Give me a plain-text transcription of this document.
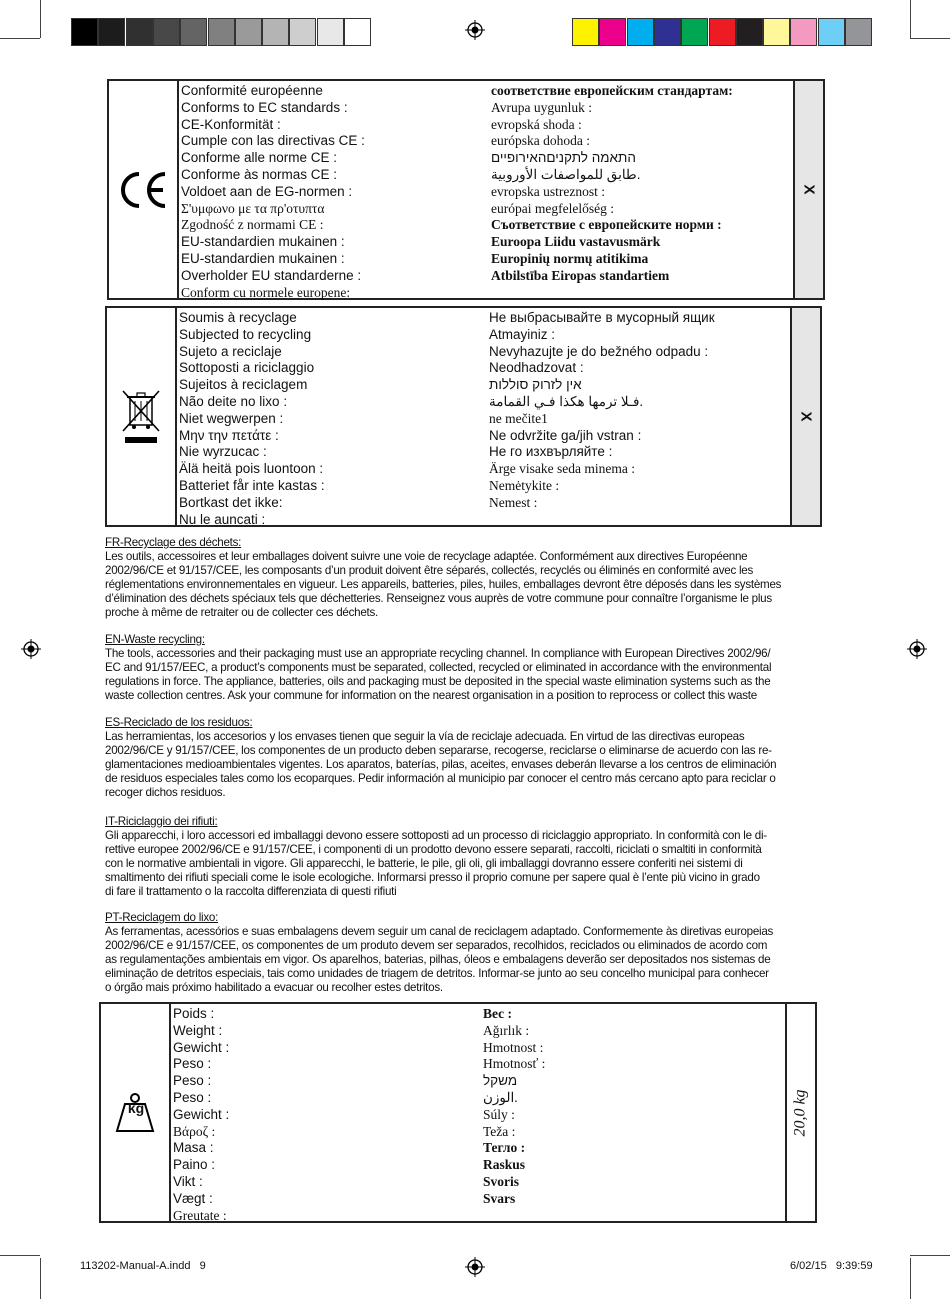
Conformité européenne
Conforms to EC standards :
CE-Konformität :
Cumple con las directivas CE :
Conforme alle norme CE :
Conforme às normas CE :
Voldoet aan de EG-normen :
Σ'υμφωνο με τα πρ'οτυπτα
Zgodność z normami CE :
EU-standardien mukainen :
EU-standardien mukainen :
Overholder EU standarderne :
Conform cu normele europene:
соответствие европейским стандартам:
Avrupa uygunluk :
evropská shoda :
európska dohoda :
התאמה לתקניםהאירופיים
طابق للمواصفات الأوروبية.
evropska ustreznost :
európai megfelelőség :
Съответствие с европейските норми :
Euroopa Liidu vastavusmärk
Europinių normų atitikima
Atbilstība Eiropas standartiem
X
Soumis à recyclage
Subjected to recycling
Sujeto a reciclaje
Sottoposti a riciclaggio
Sujeitos à reciclagem
Não deite no lixo :
Niet wegwerpen :
Μην την πετάτε :
Nie wyrzucac :
Älä heitä pois luontoon :
Batteriet får inte kastas :
Bortkast det ikke:
Nu le auncati :
Не выбрасывайте в мусорный ящик
Atmayiniz :
Nevyhazujte je do bežného odpadu :
Neodhadzovat :
אין לזרוק סוללות
فـلا ترمها هكذا فـي القمامة.
ne mečite1
Ne odvržite ga/jih vstran :
Не го изхвърляйте :
Ärge visake seda minema :
Nemėtykite :
Nemest :
X

FR-Recyclage des déchets:

Les outils, accessoires et leur emballages doivent suivre une voie de recyclage adaptée. Conformément aux directives Européenne

2002/96/CE et 91/157/CEE, les composants d’un produit doivent être séparés, collectés, recyclés ou éliminés en conformité avec les

réglementations environnementales en vigueur. Les appareils, batteries, piles, huiles, emballages devront être déposés dans les systèmes

d’élimination des déchets spéciaux tels que déchetteries. Renseignez vous auprès de votre commune pour connaître l’organisme le plus

proche à même de retraiter ou de collecter ces déchets.

EN-Waste recycling:

The tools, accessories and their packaging must use an appropriate recycling channel. In compliance with European Directives 2002/96/

EC and 91/157/EEC, a product’s components must be separated, collected, recycled or eliminated in accordance with the environmental

regulations in force. The appliance, batteries, oils and packaging must be deposited in the special waste elimination systems such as the

waste collection centres. Ask your commune for information on the nearest organisation in a position to reprocess or collect this waste

ES-Reciclado de los residuos:

Las herramientas, los accesorios y los envases tienen que seguir la vía de reciclaje adecuada. En virtud de las directivas europeas

2002/96/CE y 91/157/CEE, los componentes de un producto deben separarse, recogerse, reciclarse o eliminarse de acuerdo con las re-

glamentaciones medioambientales vigentes. Los aparatos, baterías, pilas, aceites, envases deberán llevarse a los centros de eliminación

de residuos especiales tales como los ecoparques. Pedir información al municipio par conocer el centro más cercano apto para reciclar o

recoger dichos residuos.

IT-Riciclaggio dei rifiuti:

Gli apparecchi, i loro accessori ed imballaggi devono essere sottoposti ad un processo di riciclaggio appropriato. In conformità con le di-

rettive europee 2002/96/CE e 91/157/CEE, i componenti di un prodotto devono essere separati, raccolti, riciclati o smaltiti in conformità

con le normative ambientali in vigore. Gli apparecchi, le batterie, le pile, gli oli, gli imballaggi dovranno essere conferiti nei sistemi di

smaltimento dei rifiuti speciali come le isole ecologiche. Informarsi presso il proprio comune per sapere qual è l’ente più vicino in grado

di fare il trattamento o la raccolta differenziata di questi rifiuti

PT-Reciclagem do lixo:

As ferramentas, acessórios e suas embalagens devem seguir um canal de reciclagem adaptado. Conformemente às diretivas europeias

2002/96/CE e 91/157/CEE, os componentes de um produto devem ser separados, recolhidos, reciclados ou eliminados de acordo com

as regulamentações ambientais em vigor. Os aparelhos, baterias, pilhas, óleos e embalagens deverão ser depositados nos sistemas de

eliminação de detritos especiais, tais como unidades de triagem de detritos. Informar-se junto ao seu concelho municipal para conhecer

o órgão mais próximo habilitado a evacuar ou recolher estes detritos.

kg
Poids :
Weight :
Gewicht :
Peso :
Peso :
Peso :
Gewicht :
Bάροζ :
Masa :
Paino :
Vikt :
Vægt :
Greutate :
Вес :
Ağırlık :
Hmotnost :
Hmotnosť :
משקל
الوزن.
Súly :
Teža :
Тегло :
Raskus
Svoris
Svars
20,0 kg
113202-Manual-A.indd   9	6/02/15   9:39:59
